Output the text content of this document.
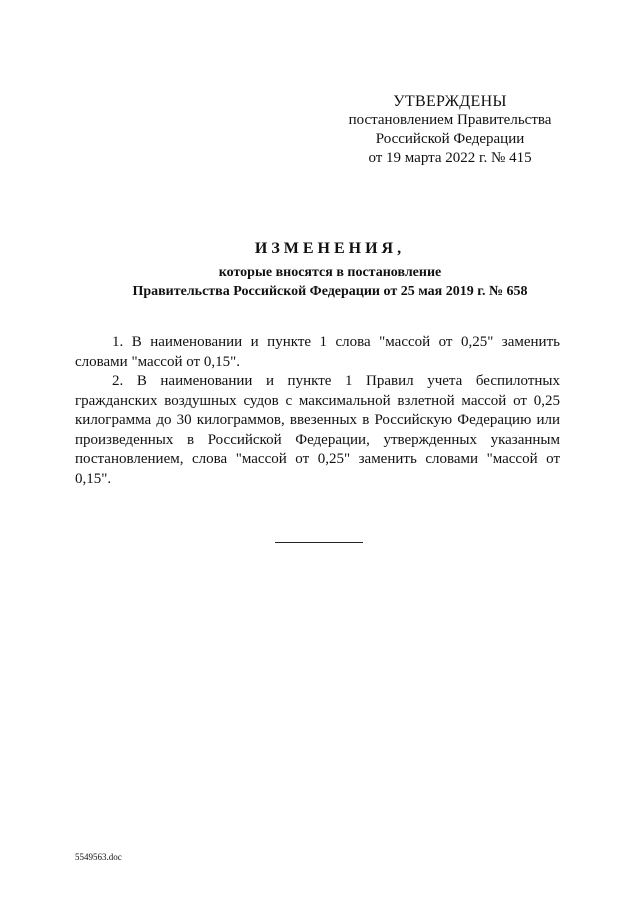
УТВЕРЖДЕНЫ
постановлением Правительства
Российской Федерации
от 19 марта 2022 г. № 415
ИЗМЕНЕНИЯ,
которые вносятся в постановление
Правительства Российской Федерации от 25 мая 2019 г. № 658

1. В наименовании и пункте 1 слова "массой от 0,25" заменить словами "массой от 0,15".

2. В наименовании и пункте 1 Правил учета беспилотных гражданских воздушных судов с максимальной взлетной массой от 0,25 килограмма до 30 килограммов, ввезенных в Российскую Федерацию или произведенных в Российской Федерации, утвержденных указанным постановлением, слова "массой от 0,25" заменить словами "массой от 0,15".

5549563.doc
